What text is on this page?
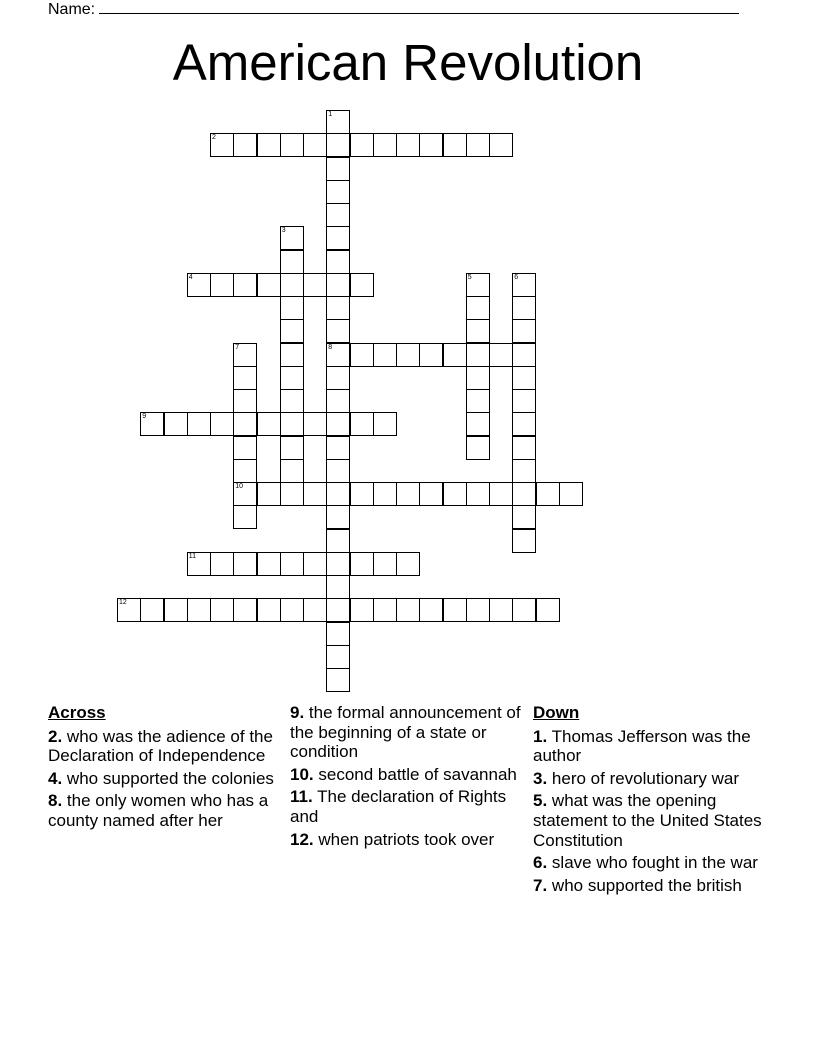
Name:
American Revolution
1
2
3
4	5	6
7	8
9
10
11
12
Across
2. who was the adience of the Declaration of Independence
4. who supported the colonies
8. the only women who has a county named after her
9. the formal announcement of the beginning of a state or condition
10. second battle of savannah
11. The declaration of Rights and
12. when patriots took over
Down
1. Thomas Jefferson was the author
3. hero of revolutionary war
5. what was the opening statement to the United States Constitution
6. slave who fought in the war
7. who supported the british
